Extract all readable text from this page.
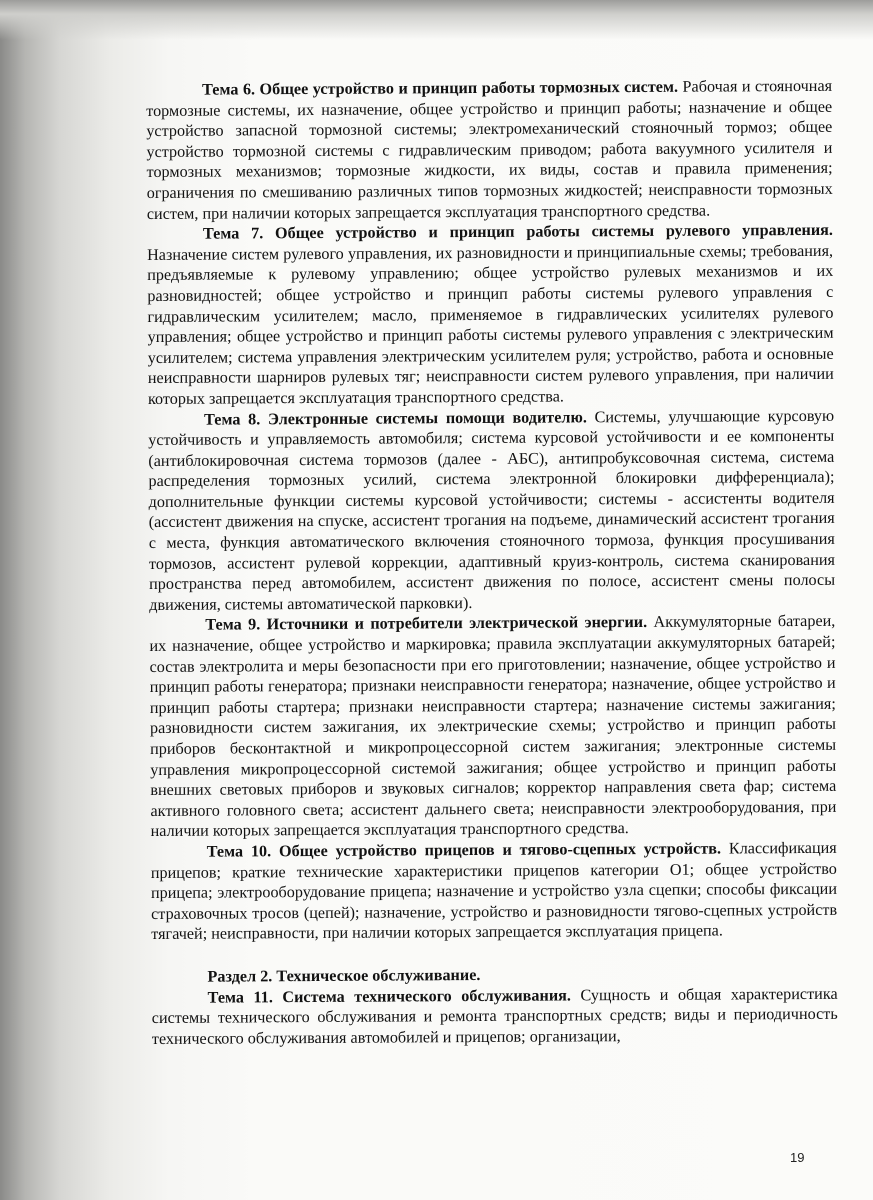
Тема 6. Общее устройство и принцип работы тормозных систем. Рабочая и стояночная тормозные системы, их назначение, общее устройство и принцип работы; назначение и общее устройство запасной тормозной системы; электромеханический стояночный тормоз; общее устройство тормозной системы с гидравлическим приводом; работа вакуумного усилителя и тормозных механизмов; тормозные жидкости, их виды, состав и правила применения; ограничения по смешиванию различных типов тормозных жидкостей; неисправности тормозных систем, при наличии которых запрещается эксплуатация транспортного средства.

Тема 7. Общее устройство и принцип работы системы рулевого управления. Назначение систем рулевого управления, их разновидности и принципиальные схемы; требования, предъявляемые к рулевому управлению; общее устройство рулевых механизмов и их разновидностей; общее устройство и принцип работы системы рулевого управления с гидравлическим усилителем; масло, применяемое в гидравлических усилителях рулевого управления; общее устройство и принцип работы системы рулевого управления с электрическим усилителем; система управления электрическим усилителем руля; устройство, работа и основные неисправности шарниров рулевых тяг; неисправности систем рулевого управления, при наличии которых запрещается эксплуатация транспортного средства.

Тема 8. Электронные системы помощи водителю. Системы, улучшающие курсовую устойчивость и управляемость автомобиля; система курсовой устойчивости и ее компоненты (антиблокировочная система тормозов (далее - АБС), антипробуксовочная система, система распределения тормозных усилий, система электронной блокировки дифференциала); дополнительные функции системы курсовой устойчивости; системы - ассистенты водителя (ассистент движения на спуске, ассистент трогания на подъеме, динамический ассистент трогания с места, функция автоматического включения стояночного тормоза, функция просушивания тормозов, ассистент рулевой коррекции, адаптивный круиз-контроль, система сканирования пространства перед автомобилем, ассистент движения по полосе, ассистент смены полосы движения, системы автоматической парковки).

Тема 9. Источники и потребители электрической энергии. Аккумуляторные батареи, их назначение, общее устройство и маркировка; правила эксплуатации аккумуляторных батарей; состав электролита и меры безопасности при его приготовлении; назначение, общее устройство и принцип работы генератора; признаки неисправности генератора; назначение, общее устройство и принцип работы стартера; признаки неисправности стартера; назначение системы зажигания; разновидности систем зажигания, их электрические схемы; устройство и принцип работы приборов бесконтактной и микропроцессорной систем зажигания; электронные системы управления микропроцессорной системой зажигания; общее устройство и принцип работы внешних световых приборов и звуковых сигналов; корректор направления света фар; система активного головного света; ассистент дальнего света; неисправности электрооборудования, при наличии которых запрещается эксплуатация транспортного средства.

Тема 10. Общее устройство прицепов и тягово-сцепных устройств. Классификация прицепов; краткие технические характеристики прицепов категории О1; общее устройство прицепа; электрооборудование прицепа; назначение и устройство узла сцепки; способы фиксации страховочных тросов (цепей); назначение, устройство и разновидности тягово-сцепных устройств тягачей; неисправности, при наличии которых запрещается эксплуатация прицепа.

Раздел 2. Техническое обслуживание.

Тема 11. Система технического обслуживания. Сущность и общая характеристика системы технического обслуживания и ремонта транспортных средств; виды и периодичность технического обслуживания автомобилей и прицепов; организации,

19
